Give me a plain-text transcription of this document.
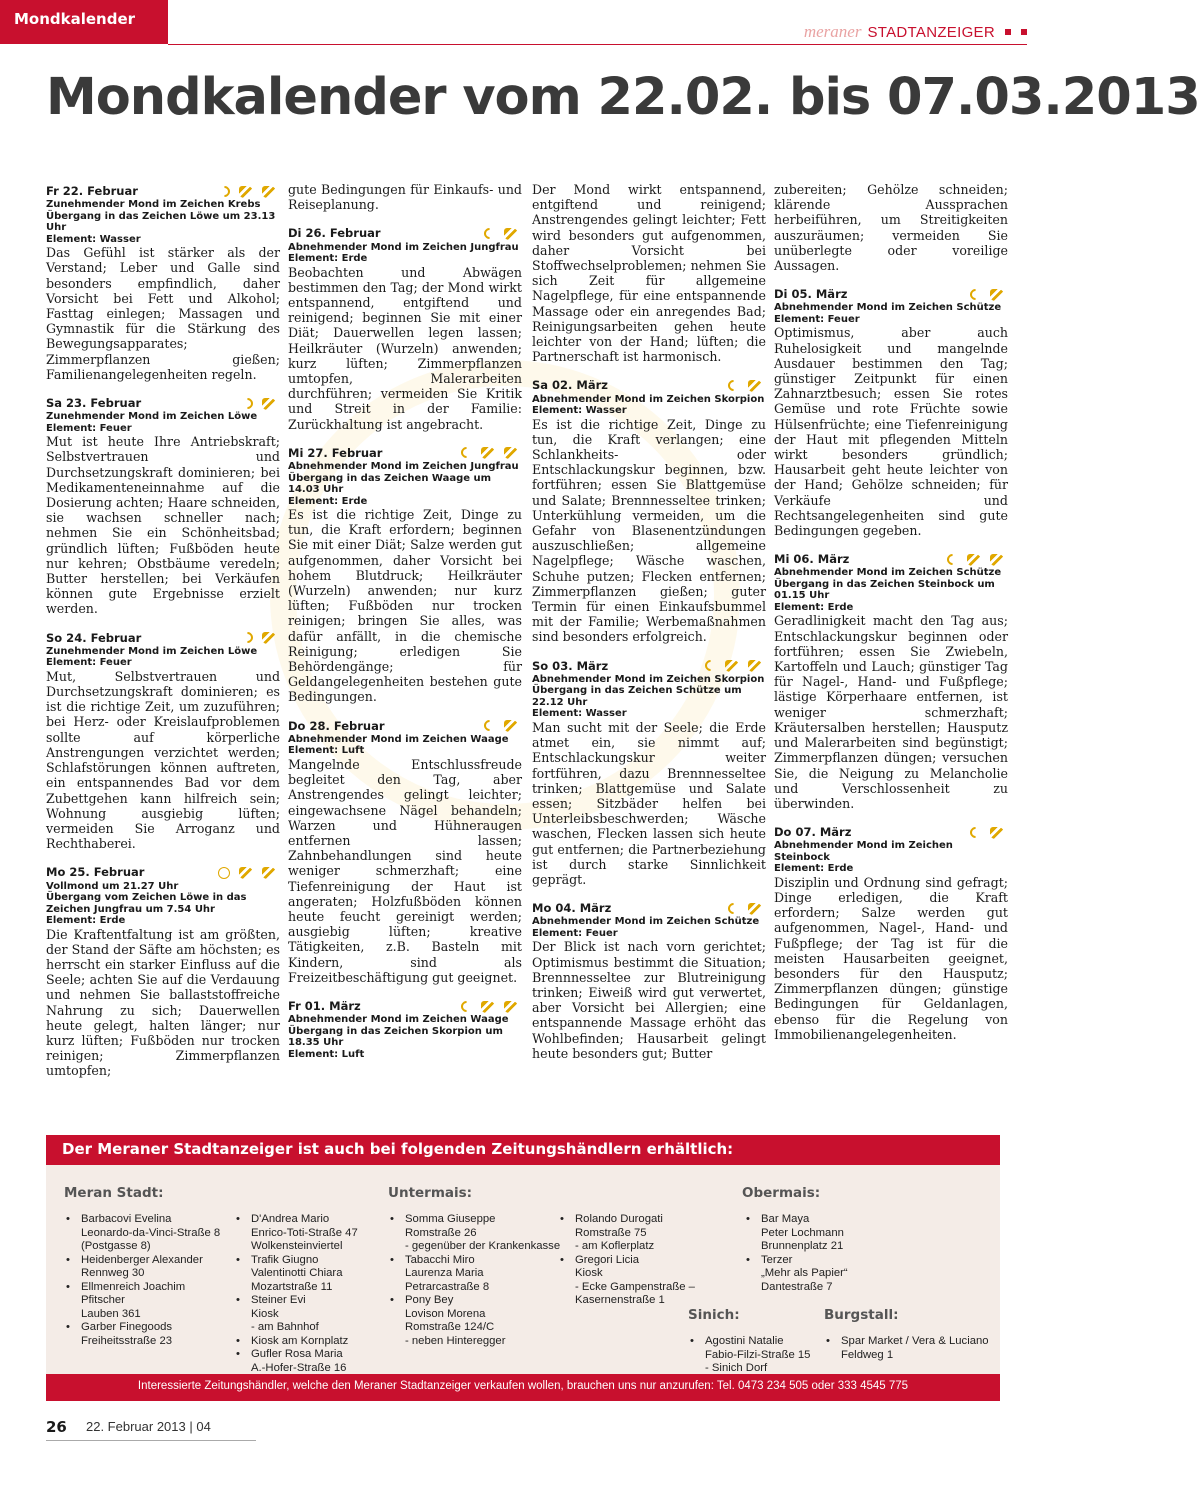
Mondkalender
meraner STADTANZEIGER
Mondkalender vom 22.02. bis 07.03.2013
Fr 22. Februar
Zunehmender Mond im Zeichen Krebs
Übergang in das Zeichen Löwe um 23.13 Uhr
Element: Wasser

Das Gefühl ist stärker als der Verstand; Leber und Galle sind besonders empfindlich, daher Vorsicht bei Fett und Alkohol; Fasttag einlegen; Massagen und Gymnastik für die Stärkung des Bewegungsapparates; Zimmerpflanzen gießen; Familienangelegenheiten regeln.

Sa 23. Februar
Zunehmender Mond im Zeichen Löwe
Element: Feuer

Mut ist heute Ihre Antriebskraft; Selbstvertrauen und Durchsetzungskraft dominieren; bei Medikamenteneinnahme auf die Dosierung achten; Haare schneiden, sie wachsen schneller nach; nehmen Sie ein Schönheitsbad; gründlich lüften; Fußböden heute nur kehren; Obstbäume veredeln; Butter herstellen; bei Verkäufen können gute Ergebnisse erzielt werden.

So 24. Februar
Zunehmender Mond im Zeichen Löwe
Element: Feuer

Mut, Selbstvertrauen und Durchsetzungskraft dominieren; es ist die richtige Zeit, um zuzuführen; bei Herz- oder Kreislaufproblemen sollte auf körperliche Anstrengungen verzichtet werden; Schlafstörungen können auftreten, ein entspannendes Bad vor dem Zubettgehen kann hilfreich sein; Wohnung ausgiebig lüften; vermeiden Sie Arroganz und Rechthaberei.

Mo 25. Februar
Vollmond um 21.27 Uhr
Übergang vom Zeichen Löwe in das Zeichen Jungfrau um 7.54 Uhr
Element: Erde

Die Kraftentfaltung ist am größten, der Stand der Säfte am höchsten; es herrscht ein starker Einfluss auf die Seele; achten Sie auf die Verdauung und nehmen Sie ballaststoffreiche Nahrung zu sich; Dauerwellen heute gelegt, halten länger; nur kurz lüften; Fußböden nur trocken reinigen; Zimmerpflanzen umtopfen;

gute Bedingungen für Einkaufs- und Reiseplanung.

Di 26. Februar
Abnehmender Mond im Zeichen Jungfrau
Element: Erde

Beobachten und Abwägen bestimmen den Tag; der Mond wirkt entspannend, entgiftend und reinigend; beginnen Sie mit einer Diät; Dauerwellen legen lassen; Heilkräuter (Wurzeln) anwenden; kurz lüften; Zimmerpflanzen umtopfen, Malerarbeiten durchführen; vermeiden Sie Kritik und Streit in der Familie: Zurückhaltung ist angebracht.

Mi 27. Februar
Abnehmender Mond im Zeichen Jungfrau
Übergang in das Zeichen Waage um 14.03 Uhr
Element: Erde

Es ist die richtige Zeit, Dinge zu tun, die Kraft erfordern; beginnen Sie mit einer Diät; Salze werden gut aufgenommen, daher Vorsicht bei hohem Blutdruck; Heilkräuter (Wurzeln) anwenden; nur kurz lüften; Fußböden nur trocken reinigen; bringen Sie alles, was dafür anfällt, in die chemische Reinigung; erledigen Sie Behördengänge; für Geldangelegenheiten bestehen gute Bedingungen.

Do 28. Februar
Abnehmender Mond im Zeichen Waage
Element: Luft

Mangelnde Entschlussfreude begleitet den Tag, aber Anstrengendes gelingt leichter; eingewachsene Nägel behandeln; Warzen und Hühneraugen entfernen lassen; Zahnbehandlungen sind heute weniger schmerzhaft; eine Tiefenreinigung der Haut ist angeraten; Holzfußböden können heute feucht gereinigt werden; ausgiebig lüften; kreative Tätigkeiten, z.B. Basteln mit Kindern, sind als Freizeitbeschäftigung gut geeignet.

Fr 01. März
Abnehmender Mond im Zeichen Waage
Übergang in das Zeichen Skorpion um 18.35 Uhr
Element: Luft

Der Mond wirkt entspannend, entgiftend und reinigend; Anstrengendes gelingt leichter; Fett wird besonders gut aufgenommen, daher Vorsicht bei Stoffwechselproblemen; nehmen Sie sich Zeit für allgemeine Nagelpflege, für eine entspannende Massage oder ein anregendes Bad; Reinigungsarbeiten gehen heute leichter von der Hand; lüften; die Partnerschaft ist harmonisch.

Sa 02. März
Abnehmender Mond im Zeichen Skorpion
Element: Wasser

Es ist die richtige Zeit, Dinge zu tun, die Kraft verlangen; eine Schlankheits- oder Entschlackungskur beginnen, bzw. fortführen; essen Sie Blattgemüse und Salate; Brennnesseltee trinken; Unterkühlung vermeiden, um die Gefahr von Blasenentzündungen auszuschließen; allgemeine Nagelpflege; Wäsche waschen, Schuhe putzen; Flecken entfernen; Zimmerpflanzen gießen; guter Termin für einen Einkaufsbummel mit der Familie; Werbemaßnahmen sind besonders erfolgreich.

So 03. März
Abnehmender Mond im Zeichen Skorpion
Übergang in das Zeichen Schütze um 22.12 Uhr
Element: Wasser

Man sucht mit der Seele; die Erde atmet ein, sie nimmt auf; Entschlackungskur weiter fortführen, dazu Brennnesseltee trinken; Blattgemüse und Salate essen; Sitzbäder helfen bei Unterleibsbeschwerden; Wäsche waschen, Flecken lassen sich heute gut entfernen; die Partnerbeziehung ist durch starke Sinnlichkeit geprägt.

Mo 04. März
Abnehmender Mond im Zeichen Schütze
Element: Feuer

Der Blick ist nach vorn gerichtet; Optimismus bestimmt die Situation; Brennnesseltee zur Blutreinigung trinken; Eiweiß wird gut verwertet, aber Vorsicht bei Allergien; eine entspannende Massage erhöht das Wohlbefinden; Hausarbeit gelingt heute besonders gut; Butter

zubereiten; Gehölze schneiden; klärende Aussprachen herbeiführen, um Streitigkeiten auszuräumen; vermeiden Sie unüberlegte oder voreilige Aussagen.

Di 05. März
Abnehmender Mond im Zeichen Schütze
Element: Feuer

Optimismus, aber auch Ruhelosigkeit und mangelnde Ausdauer bestimmen den Tag; günstiger Zeitpunkt für einen Zahnarztbesuch; essen Sie rotes Gemüse und rote Früchte sowie Hülsenfrüchte; eine Tiefenreinigung der Haut mit pflegenden Mitteln wirkt besonders gründlich; Hausarbeit geht heute leichter von der Hand; Gehölze schneiden; für Verkäufe und Rechtsangelegenheiten sind gute Bedingungen gegeben.

Mi 06. März
Abnehmender Mond im Zeichen Schütze
Übergang in das Zeichen Steinbock um 01.15 Uhr
Element: Erde

Geradlinigkeit macht den Tag aus; Entschlackungskur beginnen oder fortführen; essen Sie Zwiebeln, Kartoffeln und Lauch; günstiger Tag für Nagel-, Hand- und Fußpflege; lästige Körperhaare entfernen, ist weniger schmerzhaft; Kräutersalben herstellen; Hausputz und Malerarbeiten sind begünstigt; Zimmerpflanzen düngen; versuchen Sie, die Neigung zu Melancholie und Verschlossenheit zu überwinden.

Do 07. März
Abnehmender Mond im Zeichen Steinbock
Element: Erde

Disziplin und Ordnung sind gefragt; Dinge erledigen, die Kraft erfordern; Salze werden gut aufgenommen, Nagel-, Hand- und Fußpflege; der Tag ist für die meisten Hausarbeiten geeignet, besonders für den Hausputz; Zimmerpflanzen düngen; günstige Bedingungen für Geldanlagen, ebenso für die Regelung von Immobilienangelegenheiten.

Der Meraner Stadtanzeiger ist auch bei folgenden Zeitungshändlern erhältlich:
Meran Stadt:	Untermais:	Obermais:
Sinich:	Burgstall:
• Barbacovi Evelina
Leonardo-da-Vinci-Straße 8
(Postgasse 8)
• Heidenberger Alexander
Rennweg 30
• Ellmenreich Joachim
Pfitscher
Lauben 361
• Garber Finegoods
Freiheitsstraße 23
• D'Andrea Mario
Enrico-Toti-Straße 47
Wolkensteinviertel
• Trafik Giugno
Valentinotti Chiara
Mozartstraße 11
• Steiner Evi
Kiosk
- am Bahnhof
• Kiosk am Kornplatz
• Gufler Rosa Maria
A.-Hofer-Straße 16
• Somma Giuseppe
Romstraße 26
- gegenüber der Krankenkasse
• Tabacchi Miro
Laurenza Maria
Petrarcastraße 8
• Pony Bey
Lovison Morena
Romstraße 124/C
- neben Hinteregger
• Rolando Durogati
Romstraße 75
- am Koflerplatz
• Gregori Licia
Kiosk
- Ecke Gampenstraße –
Kasernenstraße 1
• Bar Maya
Peter Lochmann
Brunnenplatz 21
• Terzer
„Mehr als Papier“
Dantestraße 7
• Agostini Natalie
Fabio-Filzi-Straße 15
- Sinich Dorf
• Spar Market / Vera & Luciano
Feldweg 1
Interessierte Zeitungshändler, welche den Meraner Stadtanzeiger verkaufen wollen, brauchen uns nur anzurufen: Tel. 0473 234 505 oder 333 4545 775
26 22. Februar 2013 | 04
